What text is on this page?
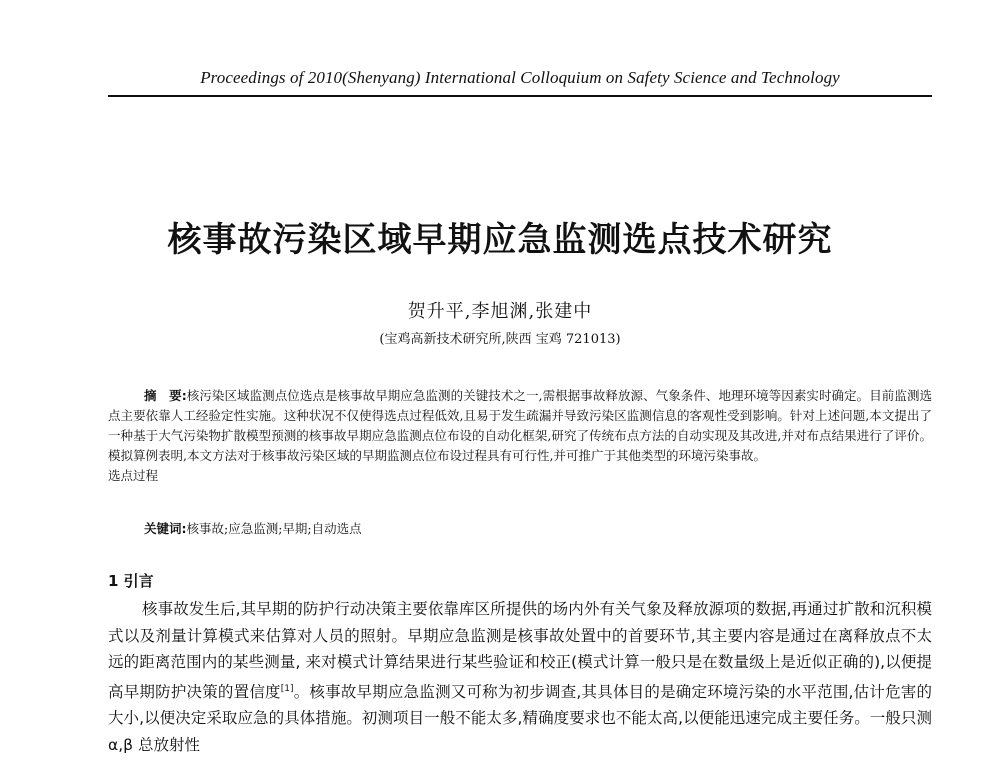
Proceedings of 2010(Shenyang) International Colloquium on Safety Science and Technology
核事故污染区域早期应急监测选点技术研究
贺升平,李旭渊,张建中
(宝鸡高新技术研究所,陕西 宝鸡 721013)
摘　要:核污染区域监测点位选点是核事故早期应急监测的关键技术之一,需根据事故释放源、气象条件、地理环境等因素实时确定。目前监测选点主要依靠人工经验定性实施。这种状况不仅使得选点过程低效,且易于发生疏漏并导致污染区监测信息的客观性受到影响。针对上述问题,本文提出了一种基于大气污染物扩散模型预测的核事故早期应急监测点位布设的自动化框架,研究了传统布点方法的自动实现及其改进,并对布点结果进行了评价。模拟算例表明,本文方法对于核事故污染区域的早期监测点位布设过程具有可行性,并可推广于其他类型的环境污染事故。
选点过程
关键词:核事故;应急监测;早期;自动选点
1 引言
核事故发生后,其早期的防护行动决策主要依靠库区所提供的场内外有关气象及释放源项的数据,再通过扩散和沉积模式以及剂量计算模式来估算对人员的照射。早期应急监测是核事故处置中的首要环节,其主要内容是通过在离释放点不太远的距离范围内的某些测量, 来对模式计算结果进行某些验证和校正(模式计算一般只是在数量级上是近似正确的),以便提高早期防护决策的置信度[1]。核事故早期应急监测又可称为初步调查,其具体目的是确定环境污染的水平范围,估计危害的大小,以便决定采取应急的具体措施。初测项目一般不能太多,精确度要求也不能太高,以便能迅速完成主要任务。一般只测 α,β 总放射性
